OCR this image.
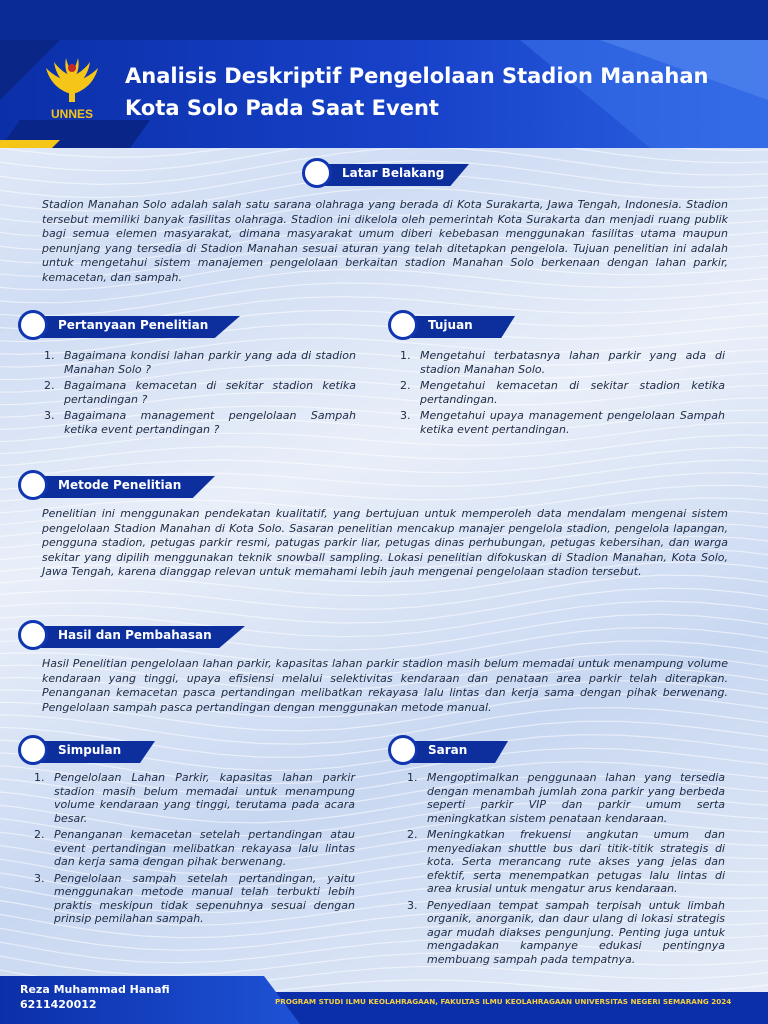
UNNES
Analisis Deskriptif Pengelolaan Stadion Manahan
Kota Solo Pada Saat Event
Latar Belakang
Stadion Manahan Solo adalah salah satu sarana olahraga yang berada di Kota Surakarta, Jawa Tengah, Indonesia. Stadion tersebut memiliki banyak fasilitas olahraga. Stadion ini dikelola oleh pemerintah Kota Surakarta dan menjadi ruang publik bagi semua elemen masyarakat, dimana masyarakat umum diberi kebebasan menggunakan fasilitas utama maupun penunjang yang tersedia di Stadion Manahan sesuai aturan yang telah ditetapkan pengelola. Tujuan penelitian ini adalah untuk mengetahui sistem manajemen pengelolaan berkaitan stadion Manahan Solo berkenaan dengan lahan parkir, kemacetan, dan sampah.
Pertanyaan Penelitian
1. Bagaimana kondisi lahan parkir yang ada di stadion Manahan Solo ?
2. Bagaimana kemacetan di sekitar stadion ketika pertandingan ?
3. Bagaimana management pengelolaan Sampah ketika event pertandingan ?
Tujuan
1. Mengetahui terbatasnya lahan parkir yang ada di stadion Manahan Solo.
2. Mengetahui kemacetan di sekitar stadion ketika pertandingan.
3. Mengetahui upaya management pengelolaan Sampah ketika event pertandingan.
Metode Penelitian
Penelitian ini menggunakan pendekatan kualitatif, yang bertujuan untuk memperoleh data mendalam mengenai sistem pengelolaan Stadion Manahan di Kota Solo. Sasaran penelitian mencakup manajer pengelola stadion, pengelola lapangan, pengguna stadion, petugas parkir resmi, patugas parkir liar, petugas dinas perhubungan, petugas kebersihan, dan warga sekitar yang dipilih menggunakan teknik snowball sampling. Lokasi penelitian difokuskan di Stadion Manahan, Kota Solo, Jawa Tengah, karena dianggap relevan untuk memahami lebih jauh mengenai pengelolaan stadion tersebut.
Hasil dan Pembahasan
Hasil Penelitian pengelolaan lahan parkir, kapasitas lahan parkir stadion masih belum memadai untuk menampung volume kendaraan yang tinggi, upaya efisiensi melalui selektivitas kendaraan dan penataan area parkir telah diterapkan. Penanganan kemacetan pasca pertandingan melibatkan rekayasa lalu lintas dan kerja sama dengan pihak berwenang. Pengelolaan sampah pasca pertandingan dengan menggunakan metode manual.
Simpulan
1. Pengelolaan Lahan Parkir, kapasitas lahan parkir stadion masih belum memadai untuk menampung volume kendaraan yang tinggi, terutama pada acara besar.
2. Penanganan kemacetan setelah pertandingan atau event pertandingan melibatkan rekayasa lalu lintas dan kerja sama dengan pihak berwenang.
3. Pengelolaan sampah setelah pertandingan, yaitu menggunakan metode manual telah terbukti lebih praktis meskipun tidak sepenuhnya sesuai dengan prinsip pemilahan sampah.
Saran
1. Mengoptimalkan penggunaan lahan yang tersedia dengan menambah jumlah zona parkir yang berbeda seperti parkir VIP dan parkir umum serta meningkatkan sistem penataan kendaraan.
2. Meningkatkan frekuensi angkutan umum dan menyediakan shuttle bus dari titik-titik strategis di kota. Serta merancang rute akses yang jelas dan efektif, serta menempatkan petugas lalu lintas di area krusial untuk mengatur arus kendaraan.
3. Penyediaan tempat sampah terpisah untuk limbah organik, anorganik, dan daur ulang di lokasi strategis agar mudah diakses pengunjung. Penting juga untuk mengadakan kampanye edukasi pentingnya membuang sampah pada tempatnya.
Reza Muhammad Hanafi
6211420012	PROGRAM STUDI ILMU KEOLAHRAGAAN, FAKULTAS ILMU KEOLAHRAGAAN UNIVERSITAS NEGERI SEMARANG 2024
